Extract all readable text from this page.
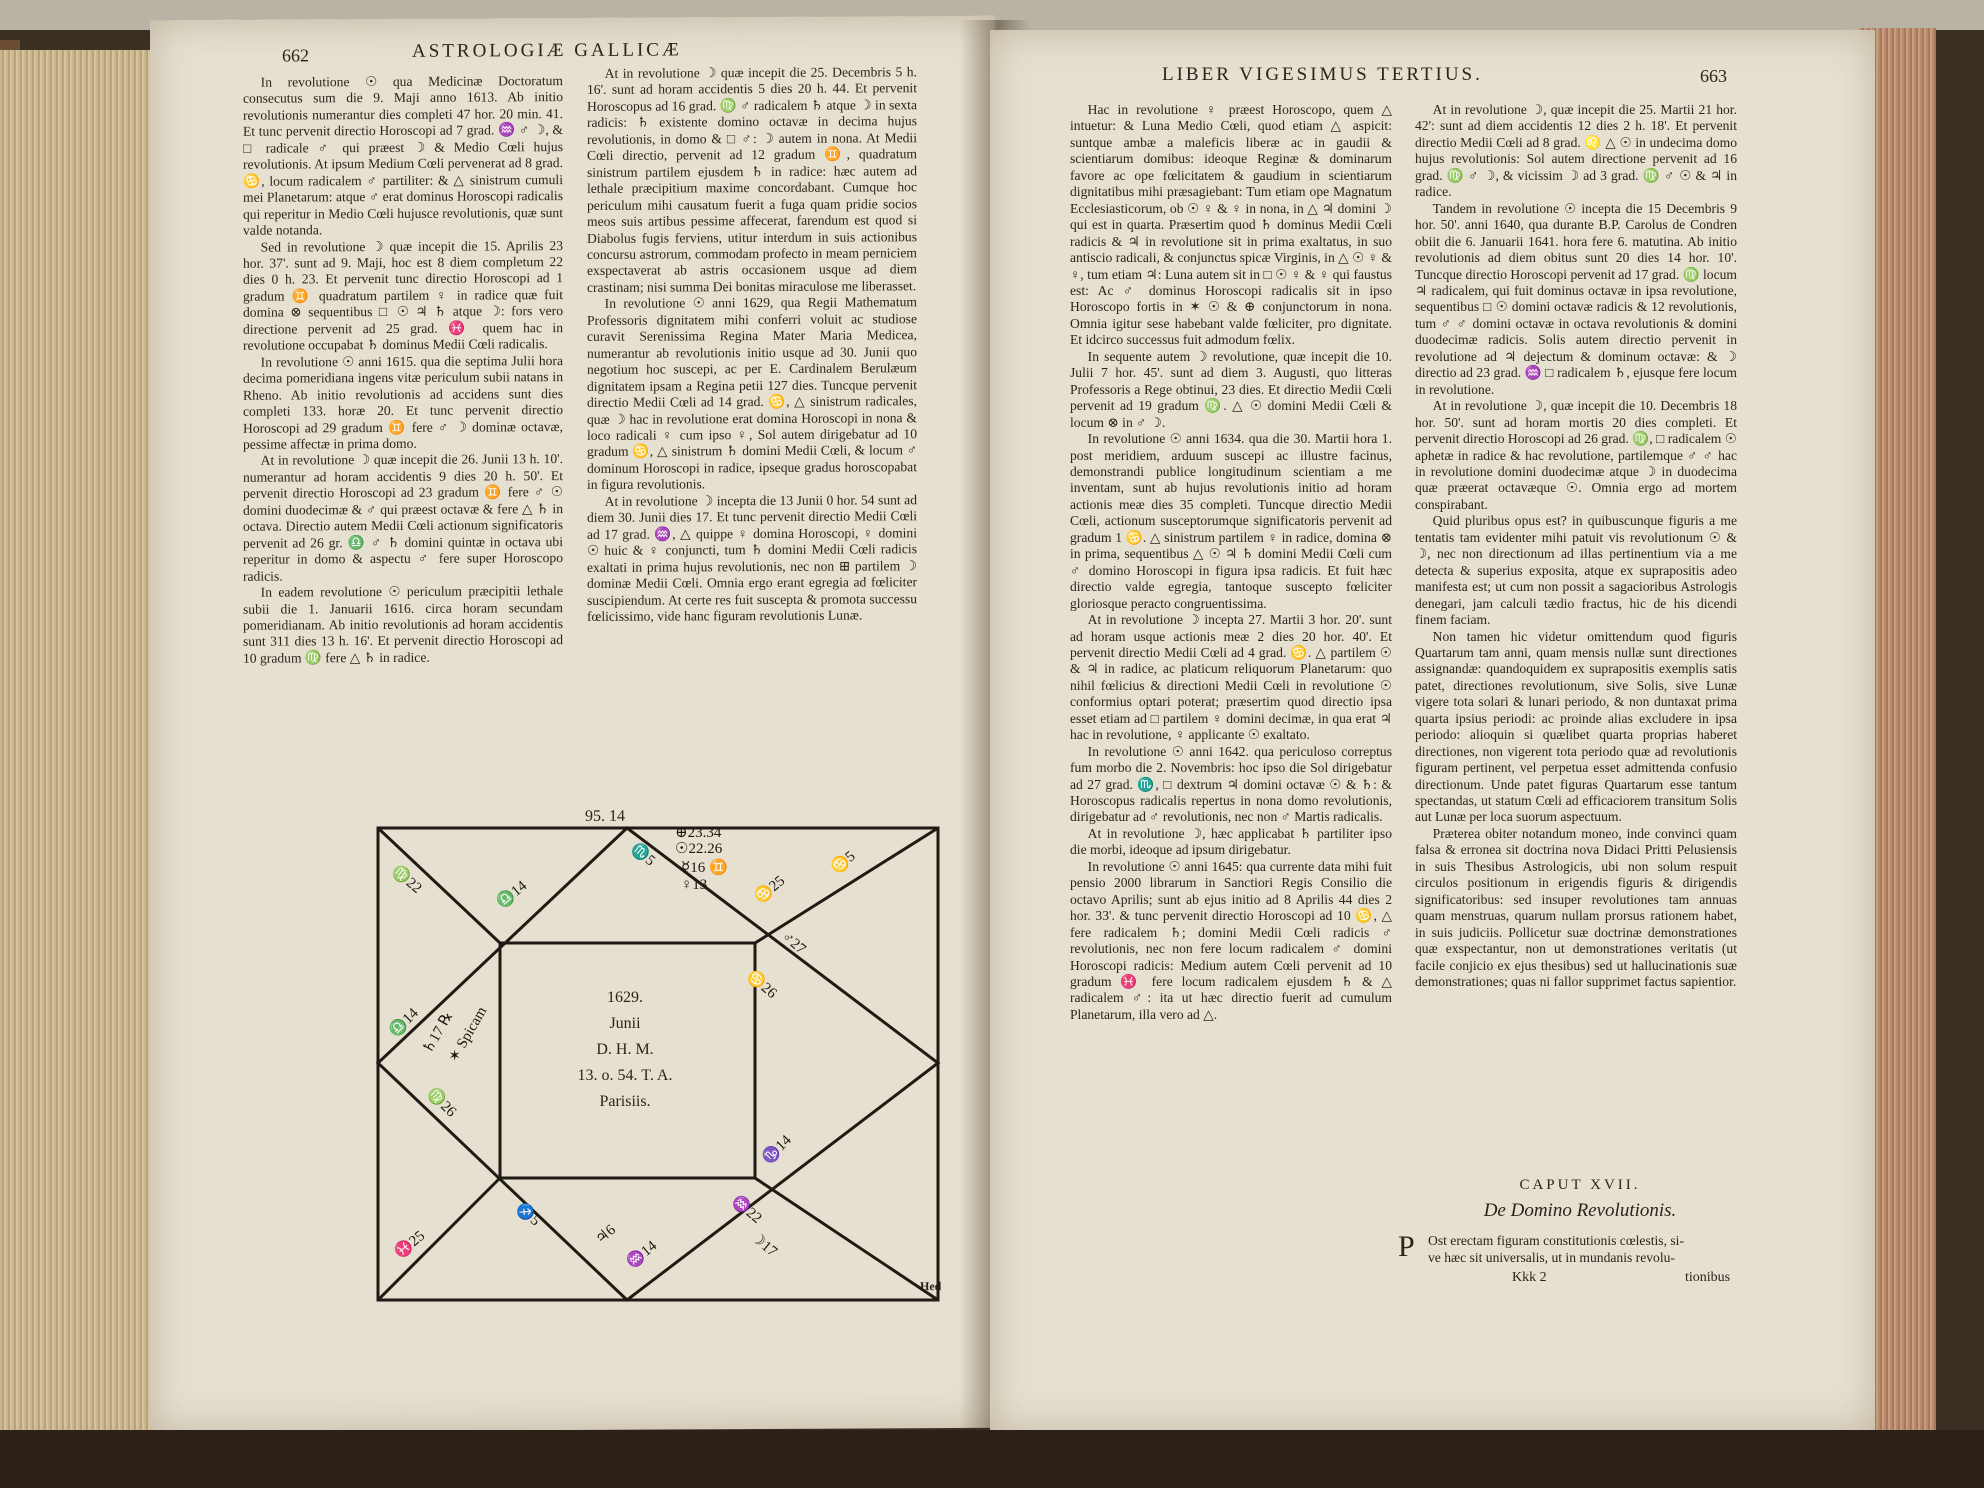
662	ASTROLOGIÆ GALLICÆ

In revolutione ☉ qua Medicinæ Doctoratum consecutus sum die 9. Maji anno 1613. Ab initio revolutionis numerantur dies completi 47 hor. 20 min. 41. Et tunc pervenit directio Horoscopi ad 7 grad. ♒ ♂ ☽, & □ radicale ♂ qui præest ☽ & Medio Cœli hujus revolutionis. At ipsum Medium Cœli pervenerat ad 8 grad. ♋, locum radicalem ♂ partiliter: & △ sinistrum cumuli mei Planetarum: atque ♂ erat dominus Horoscopi radicalis qui reperitur in Medio Cœli hujusce revolutionis, quæ sunt valde notanda.

Sed in revolutione ☽ quæ incepit die 15. Aprilis 23 hor. 37'. sunt ad 9. Maji, hoc est 8 diem completum 22 dies 0 h. 23. Et pervenit tunc directio Horoscopi ad 1 gradum ♊ quadratum partilem ♀ in radice quæ fuit domina ⊗ sequentibus □ ☉ ♃ ♄ atque ☽: fors vero directione pervenit ad 25 grad. ♓ quem hac in revolutione occupabat ♄ dominus Medii Cœli radicalis.

In revolutione ☉ anni 1615. qua die septima Julii hora decima pomeridiana ingens vitæ periculum subii natans in Rheno. Ab initio revolutionis ad accidens sunt dies completi 133. horæ 20. Et tunc pervenit directio Horoscopi ad 29 gradum ♊ fere ♂ ☽ dominæ octavæ, pessime affectæ in prima domo.

At in revolutione ☽ quæ incepit die 26. Junii 13 h. 10'. numerantur ad horam accidentis 9 dies 20 h. 50'. Et pervenit directio Horoscopi ad 23 gradum ♊ fere ♂ ☉ domini duodecimæ & ♂ qui præest octavæ & fere △ ♄ in octava. Directio autem Medii Cœli actionum significatoris pervenit ad 26 gr. ♎ ♂ ♄ domini quintæ in octava ubi reperitur in domo & aspectu ♂ fere super Horoscopo radicis.

In eadem revolutione ☉ periculum præcipitii lethale subii die 1. Januarii 1616. circa horam secundam pomeridianam. Ab initio revolutionis ad horam accidentis sunt 311 dies 13 h. 16'. Et pervenit directio Horoscopi ad 10 gradum ♍ fere △ ♄ in radice.

At in revolutione ☽ quæ incepit die 25. Decembris 5 h. 16'. sunt ad horam accidentis 5 dies 20 h. 44. Et pervenit Horoscopus ad 16 grad. ♍ ♂ radicalem ♄ atque ☽ in sexta radicis: ♄ existente domino octavæ in decima hujus revolutionis, in domo & □ ♂: ☽ autem in nona. At Medii Cœli directio, pervenit ad 12 gradum ♊, quadratum sinistrum partilem ejusdem ♄ in radice: hæc autem ad lethale præcipitium maxime concordabant. Cumque hoc periculum mihi causatum fuerit a fuga quam pridie socios meos suis artibus pessime affecerat, farendum est quod si Diabolus fugis ferviens, utitur interdum in suis actionibus concursu astrorum, commodam profecto in meam perniciem exspectaverat ab astris occasionem usque ad diem crastinam; nisi summa Dei bonitas miraculose me liberasset.

In revolutione ☉ anni 1629, qua Regii Mathematum Professoris dignitatem mihi conferri voluit ac studiose curavit Serenissima Regina Mater Maria Medicea, numerantur ab revolutionis initio usque ad 30. Junii quo negotium hoc suscepi, ac per E. Cardinalem Berulæum dignitatem ipsam a Regina petii 127 dies. Tuncque pervenit directio Medii Cœli ad 14 grad. ♋, △ sinistrum radicales, quæ ☽ hac in revolutione erat domina Horoscopi in nona & loco radicali ♀ cum ipso ♀, Sol autem dirigebatur ad 10 gradum ♋, △ sinistrum ♄ domini Medii Cœli, & locum ♂ dominum Horoscopi in radice, ipseque gradus horoscopabat in figura revolutionis.

At in revolutione ☽ incepta die 13 Junii 0 hor. 54 sunt ad diem 30. Junii dies 17. Et tunc pervenit directio Medii Cœli ad 17 grad. ♒, △ quippe ♀ domina Horoscopi, ♀ domini ☉ huic & ♀ conjuncti, tum ♄ domini Medii Cœli radicis exaltati in prima hujus revolutionis, nec non ⊞ partilem ☽ dominæ Medii Cœli. Omnia ergo erant egregia ad fœliciter suscipiendum. At certe res fuit suscepta & promota successu fœlicissimo, vide hanc figuram revolutionis Lunæ.

95. 14
Hed
1629.
Junii
D. H. M.
13. o. 54. T. A.
Parisiis.
♍22	♎14
♏5
⊕23.34
☉22.26
☿16 ♊
♀13	♋25
♋5
♂27
♋26
♄17 ℞
✶ Spicam
♎14
♍26
♑14
♓25
♐5
♃6
♒14
♒22
☽17
LIBER VIGESIMUS TERTIUS.	663

Hac in revolutione ♀ præest Horoscopo, quem △ intuetur: & Luna Medio Cœli, quod etiam △ aspicit: suntque ambæ a maleficis liberæ ac in gaudii & scientiarum domibus: ideoque Reginæ & dominarum favore ac ope fœlicitatem & gaudium in scientiarum dignitatibus mihi præsagiebant: Tum etiam ope Magnatum Ecclesiasticorum, ob ☉ ♀ & ♀ in nona, in △ ♃ domini ☽ qui est in quarta. Præsertim quod ♄ dominus Medii Cœli radicis & ♃ in revolutione sit in prima exaltatus, in suo antiscio radicali, & conjunctus spicæ Virginis, in △ ☉ ♀ & ♀, tum etiam ♃: Luna autem sit in □ ☉ ♀ & ♀ qui faustus est: Ac ♂ dominus Horoscopi radicalis sit in ipso Horoscopo fortis in ✶ ☉ & ⊕ conjunctorum in nona. Omnia igitur sese habebant valde fœliciter, pro dignitate. Et idcirco successus fuit admodum fœlix.

In sequente autem ☽ revolutione, quæ incepit die 10. Julii 7 hor. 45'. sunt ad diem 3. Augusti, quo litteras Professoris a Rege obtinui, 23 dies. Et directio Medii Cœli pervenit ad 19 gradum ♍. △ ☉ domini Medii Cœli & locum ⊗ in ♂ ☽.

In revolutione ☉ anni 1634. qua die 30. Martii hora 1. post meridiem, arduum suscepi ac illustre facinus, demonstrandi publice longitudinum scientiam a me inventam, sunt ab hujus revolutionis initio ad horam actionis meæ dies 35 completi. Tuncque directio Medii Cœli, actionum susceptorumque significatoris pervenit ad gradum 1 ♋. △ sinistrum partilem ♀ in radice, domina ⊗ in prima, sequentibus △ ☉ ♃ ♄ domini Medii Cœli cum ♂ domino Horoscopi in figura ipsa radicis. Et fuit hæc directio valde egregia, tantoque suscepto fœliciter gloriosque peracto congruentissima.

At in revolutione ☽ incepta 27. Martii 3 hor. 20'. sunt ad horam usque actionis meæ 2 dies 20 hor. 40'. Et pervenit directio Medii Cœli ad 4 grad. ♋. △ partilem ☉ & ♃ in radice, ac platicum reliquorum Planetarum: quo nihil fœlicius & directioni Medii Cœli in revolutione ☉ conformius optari poterat; præsertim quod directio ipsa esset etiam ad □ partilem ♀ domini decimæ, in qua erat ♃ hac in revolutione, ♀ applicante ☉ exaltato.

In revolutione ☉ anni 1642. qua periculoso correptus fum morbo die 2. Novembris: hoc ipso die Sol dirigebatur ad 27 grad. ♏, □ dextrum ♃ domini octavæ ☉ & ♄: & Horoscopus radicalis repertus in nona domo revolutionis, dirigebatur ad ♂ revolutionis, nec non ♂ Martis radicalis.

At in revolutione ☽, hæc applicabat ♄ partiliter ipso die morbi, ideoque ad ipsum dirigebatur.

In revolutione ☉ anni 1645: qua currente data mihi fuit pensio 2000 librarum in Sanctiori Regis Consilio die octavo Aprilis; sunt ab ejus initio ad 8 Aprilis 44 dies 2 hor. 33'. & tunc pervenit directio Horoscopi ad 10 ♋, △ fere radicalem ♄; domini Medii Cœli radicis ♂ revolutionis, nec non fere locum radicalem ♂ domini Horoscopi radicis: Medium autem Cœli pervenit ad 10 gradum ♓ fere locum radicalem ejusdem ♄ & △ radicalem ♂: ita ut hæc directio fuerit ad cumulum Planetarum, illa vero ad △.

At in revolutione ☽, quæ incepit die 25. Martii 21 hor. 42': sunt ad diem accidentis 12 dies 2 h. 18'. Et pervenit directio Medii Cœli ad 8 grad. ♌ △ ☉ in undecima domo hujus revolutionis: Sol autem directione pervenit ad 16 grad. ♍ ♂ ☽, & vicissim ☽ ad 3 grad. ♍ ♂ ☉ & ♃ in radice.

Tandem in revolutione ☉ incepta die 15 Decembris 9 hor. 50'. anni 1640, qua durante B.P. Carolus de Condren obiit die 6. Januarii 1641. hora fere 6. matutina. Ab initio revolutionis ad diem obitus sunt 20 dies 14 hor. 10'. Tuncque directio Horoscopi pervenit ad 17 grad. ♍ locum ♃ radicalem, qui fuit dominus octavæ in ipsa revolutione, sequentibus □ ☉ domini octavæ radicis & 12 revolutionis, tum ♂ ♂ domini octavæ in octava revolutionis & domini duodecimæ radicis. Solis autem directio pervenit in revolutione ad ♃ dejectum & dominum octavæ: & ☽ directio ad 23 grad. ♒ □ radicalem ♄, ejusque fere locum in revolutione.

At in revolutione ☽, quæ incepit die 10. Decembris 18 hor. 50'. sunt ad horam mortis 20 dies completi. Et pervenit directio Horoscopi ad 26 grad. ♍, □ radicalem ☉ aphetæ in radice & hac revolutione, partilemque ♂ ♂ hac in revolutione domini duodecimæ atque ☽ in duodecima quæ præerat octavæque ☉. Omnia ergo ad mortem conspirabant.

Quid pluribus opus est? in quibuscunque figuris a me tentatis tam evidenter mihi patuit vis revolutionum ☉ & ☽, nec non directionum ad illas pertinentium via a me detecta & superius exposita, atque ex suprapositis adeo manifesta est; ut cum non possit a sagacioribus Astrologis denegari, jam calculi tædio fractus, hic de his dicendi finem faciam.

Non tamen hic videtur omittendum quod figuris Quartarum tam anni, quam mensis nullæ sunt directiones assignandæ: quandoquidem ex suprapositis exemplis satis patet, directiones revolutionum, sive Solis, sive Lunæ vigere tota solari & lunari periodo, & non duntaxat prima quarta ipsius periodi: ac proinde alias excludere in ipsa periodo: alioquin si quælibet quarta proprias haberet directiones, non vigerent tota periodo quæ ad revolutionis figuram pertinent, vel perpetua esset admittenda confusio directionum. Unde patet figuras Quartarum esse tantum spectandas, ut statum Cœli ad efficaciorem transitum Solis aut Lunæ per loca suorum aspectuum.

Præterea obiter notandum moneo, inde convinci quam falsa & erronea sit doctrina nova Didaci Pritti Pelusiensis in suis Thesibus Astrologicis, ubi non solum respuit circulos positionum in erigendis figuris & dirigendis significatoribus: sed insuper revolutiones tam annuas quam menstruas, quarum nullam prorsus rationem habet, in suis judiciis. Pollicetur suæ doctrinæ demonstrationes quæ exspectantur, non ut demonstrationes veritatis (ut facile conjicio ex ejus thesibus) sed ut hallucinationis suæ demonstrationes; quas ni fallor supprimet factus sapientior.

CAPUT XVII.
De Domino Revolutionis.
P Ost erectam figuram constitutionis cœlestis, si-
ve hæc sit universalis, ut in mundanis revolu-
Kkk 2	tionibus
